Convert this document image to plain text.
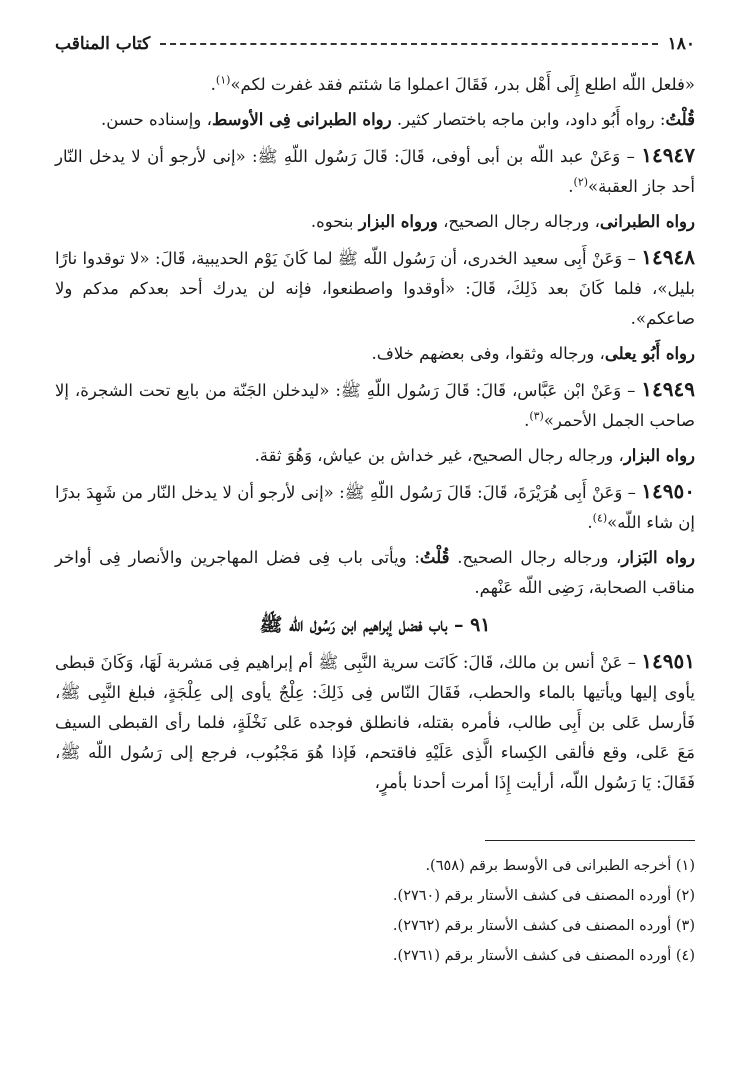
١٨٠
كتاب المناقب

«فلعل اللّه اطلع إِلَى أَهْل بدر، فَقَالَ اعملوا مَا شئتم فقد غفرت لكم»$^{(١)}$.

قُلْتُ: رواه أَبُو داود، وابن ماجه باختصار كثير. رواه الطبرانى فِى الأوسط، وإسناده حسن.

١٤٩٤٧ – وَعَنْ عبد اللّه بن أبى أوفى، قَالَ: قَالَ رَسُول اللّهِ ﷺ: «إنى لأرجو أن لا يدخل النّار أحد جاز العقبة»$^{(٢)}$.

رواه الطبرانى، ورجاله رجال الصحيح، ورواه البزار بنحوه.

١٤٩٤٨ – وَعَنْ أَبِى سعيد الخدرى، أن رَسُول اللّه ﷺ لما كَانَ يَوْم الحديبية، قَالَ: «لا توقدوا نارًا بليل»، فلما كَانَ بعد ذَلِكَ، قَالَ: «أوقدوا واصطنعوا، فإنه لن يدرك أحد بعدكم مدكم ولا صاعكم».

رواه أَبُو يعلى، ورجاله وثقوا، وفى بعضهم خلاف.

١٤٩٤٩ – وَعَنْ ابْن عَبَّاس، قَالَ: قَالَ رَسُول اللّهِ ﷺ: «ليدخلن الجَنّة من بايع تحت الشجرة، إلا صاحب الجمل الأحمر»$^{(٣)}$.

رواه البزار، ورجاله رجال الصحيح، غير خداش بن عياش، وَهُوَ ثقة.

١٤٩٥٠ – وَعَنْ أَبِى هُرَيْرَةَ، قَالَ: قَالَ رَسُول اللّهِ ﷺ: «إنى لأرجو أن لا يدخل النّار من شَهِدَ بدرًا إن شاء اللّه»$^{(٤)}$.

رواه البَزار، ورجاله رجال الصحيح. قُلْتُ: ويأتى باب فِى فضل المهاجرين والأنصار فِى أواخر مناقب الصحابة، رَضِى اللّه عَنْهم.

٩١ – باب فضل إبراهيم ابن رَسُول اللّه ﷺ

١٤٩٥١ – عَنْ أنس بن مالك، قَالَ: كَانَت سرية النَّبِى ﷺ أم إبراهيم فِى مَشربة لَهَا، وَكَانَ قبطى يأوى إليها ويأتيها بالماء والحطب، فَقَالَ النّاس فِى ذَلِكَ: عِلْجٌ يأوى إلى عِلْجَةٍ، فبلغ النَّبِى ﷺ، فَأرسل عَلى بن أَبِى طالب، فأمره بقتله، فانطلق فوجده عَلى نَخْلَةٍ، فلما رأى القبطى السيف مَعَ عَلى، وقع فألقى الكِساء الَّذِى عَلَيْهِ فاقتحم، فَإذا هُوَ مَجْبُوب، فرجع إلى رَسُول اللّه ﷺ، فَقَالَ: يَا رَسُول اللّه، أرأيت إِذَا أمرت أحدنا بأمرٍ،

(١) أخرجه الطبرانى فى الأوسط برقم (٦٥٨).

(٢) أورده المصنف فى كشف الأستار برقم (٢٧٦٠).

(٣) أورده المصنف فى كشف الأستار برقم (٢٧٦٢).

(٤) أورده المصنف فى كشف الأستار برقم (٢٧٦١).
